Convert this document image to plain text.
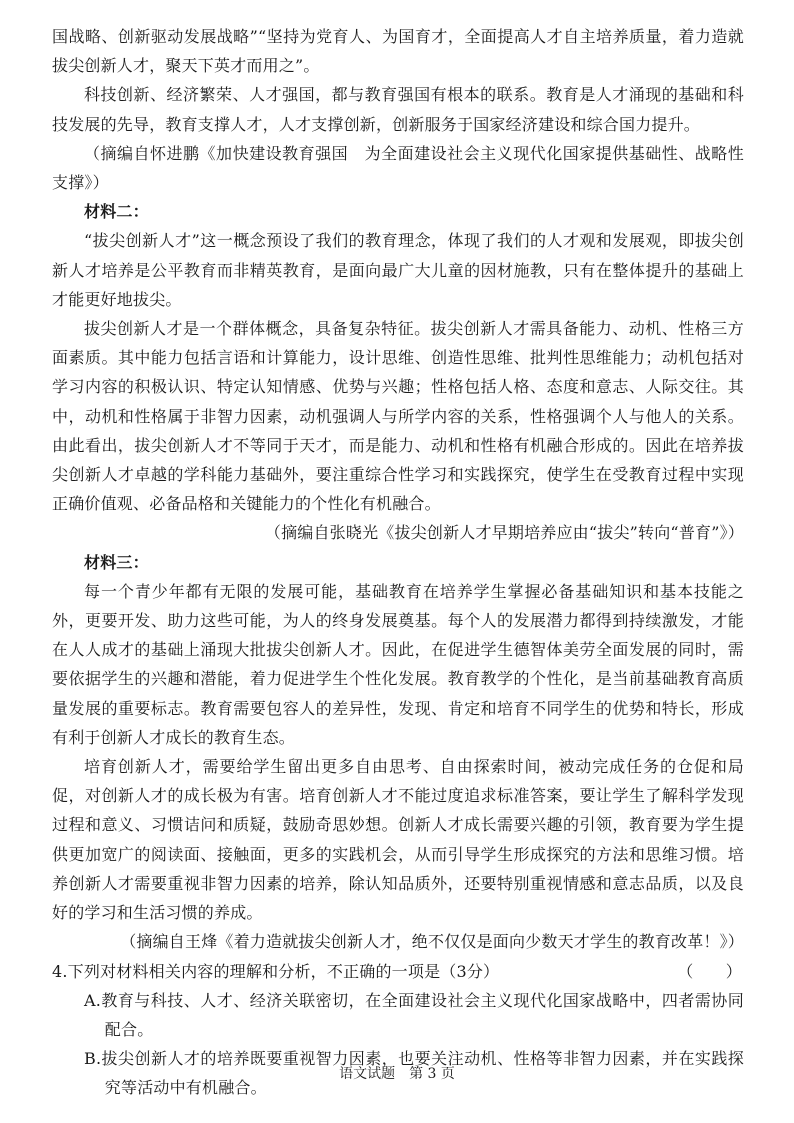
国战略、创新驱动发展战略”“坚持为党育人、为国育才，全面提高人才自主培养质量，着力造就拔尖创新人才，聚天下英才而用之”。

科技创新、经济繁荣、人才强国，都与教育强国有根本的联系。教育是人才涌现的基础和科技发展的先导，教育支撑人才，人才支撑创新，创新服务于国家经济建设和综合国力提升。

（摘编自怀进鹏《加快建设教育强国　为全面建设社会主义现代化国家提供基础性、战略性支撑》）

材料二：

“拔尖创新人才”这一概念预设了我们的教育理念，体现了我们的人才观和发展观，即拔尖创新人才培养是公平教育而非精英教育，是面向最广大儿童的因材施教，只有在整体提升的基础上才能更好地拔尖。

拔尖创新人才是一个群体概念，具备复杂特征。拔尖创新人才需具备能力、动机、性格三方面素质。其中能力包括言语和计算能力，设计思维、创造性思维、批判性思维能力；动机包括对学习内容的积极认识、特定认知情感、优势与兴趣；性格包括人格、态度和意志、人际交往。其中，动机和性格属于非智力因素，动机强调人与所学内容的关系，性格强调个人与他人的关系。由此看出，拔尖创新人才不等同于天才，而是能力、动机和性格有机融合形成的。因此在培养拔尖创新人才卓越的学科能力基础外，要注重综合性学习和实践探究，使学生在受教育过程中实现正确价值观、必备品格和关键能力的个性化有机融合。

（摘编自张晓光《拔尖创新人才早期培养应由“拔尖”转向“普育”》）

材料三：

每一个青少年都有无限的发展可能，基础教育在培养学生掌握必备基础知识和基本技能之外，更要开发、助力这些可能，为人的终身发展奠基。每个人的发展潜力都得到持续激发，才能在人人成才的基础上涌现大批拔尖创新人才。因此，在促进学生德智体美劳全面发展的同时，需要依据学生的兴趣和潜能，着力促进学生个性化发展。教育教学的个性化，是当前基础教育高质量发展的重要标志。教育需要包容人的差异性，发现、肯定和培育不同学生的优势和特长，形成有利于创新人才成长的教育生态。

培育创新人才，需要给学生留出更多自由思考、自由探索时间，被动完成任务的仓促和局促，对创新人才的成长极为有害。培育创新人才不能过度追求标准答案，要让学生了解科学发现过程和意义、习惯诘问和质疑，鼓励奇思妙想。创新人才成长需要兴趣的引领，教育要为学生提供更加宽广的阅读面、接触面，更多的实践机会，从而引导学生形成探究的方法和思维习惯。培养创新人才需要重视非智力因素的培养，除认知品质外，还要特别重视情感和意志品质，以及良好的学习和生活习惯的养成。

（摘编自王烽《着力造就拔尖创新人才，绝不仅仅是面向少数天才学生的教育改革！》）

4.下列对材料相关内容的理解和分析，不正确的一项是（3分）	（　　）

A.教育与科技、人才、经济关联密切，在全面建设社会主义现代化国家战略中，四者需协同配合。

B.拔尖创新人才的培养既要重视智力因素，也要关注动机、性格等非智力因素，并在实践探究等活动中有机融合。

语文试题　第 3 页
